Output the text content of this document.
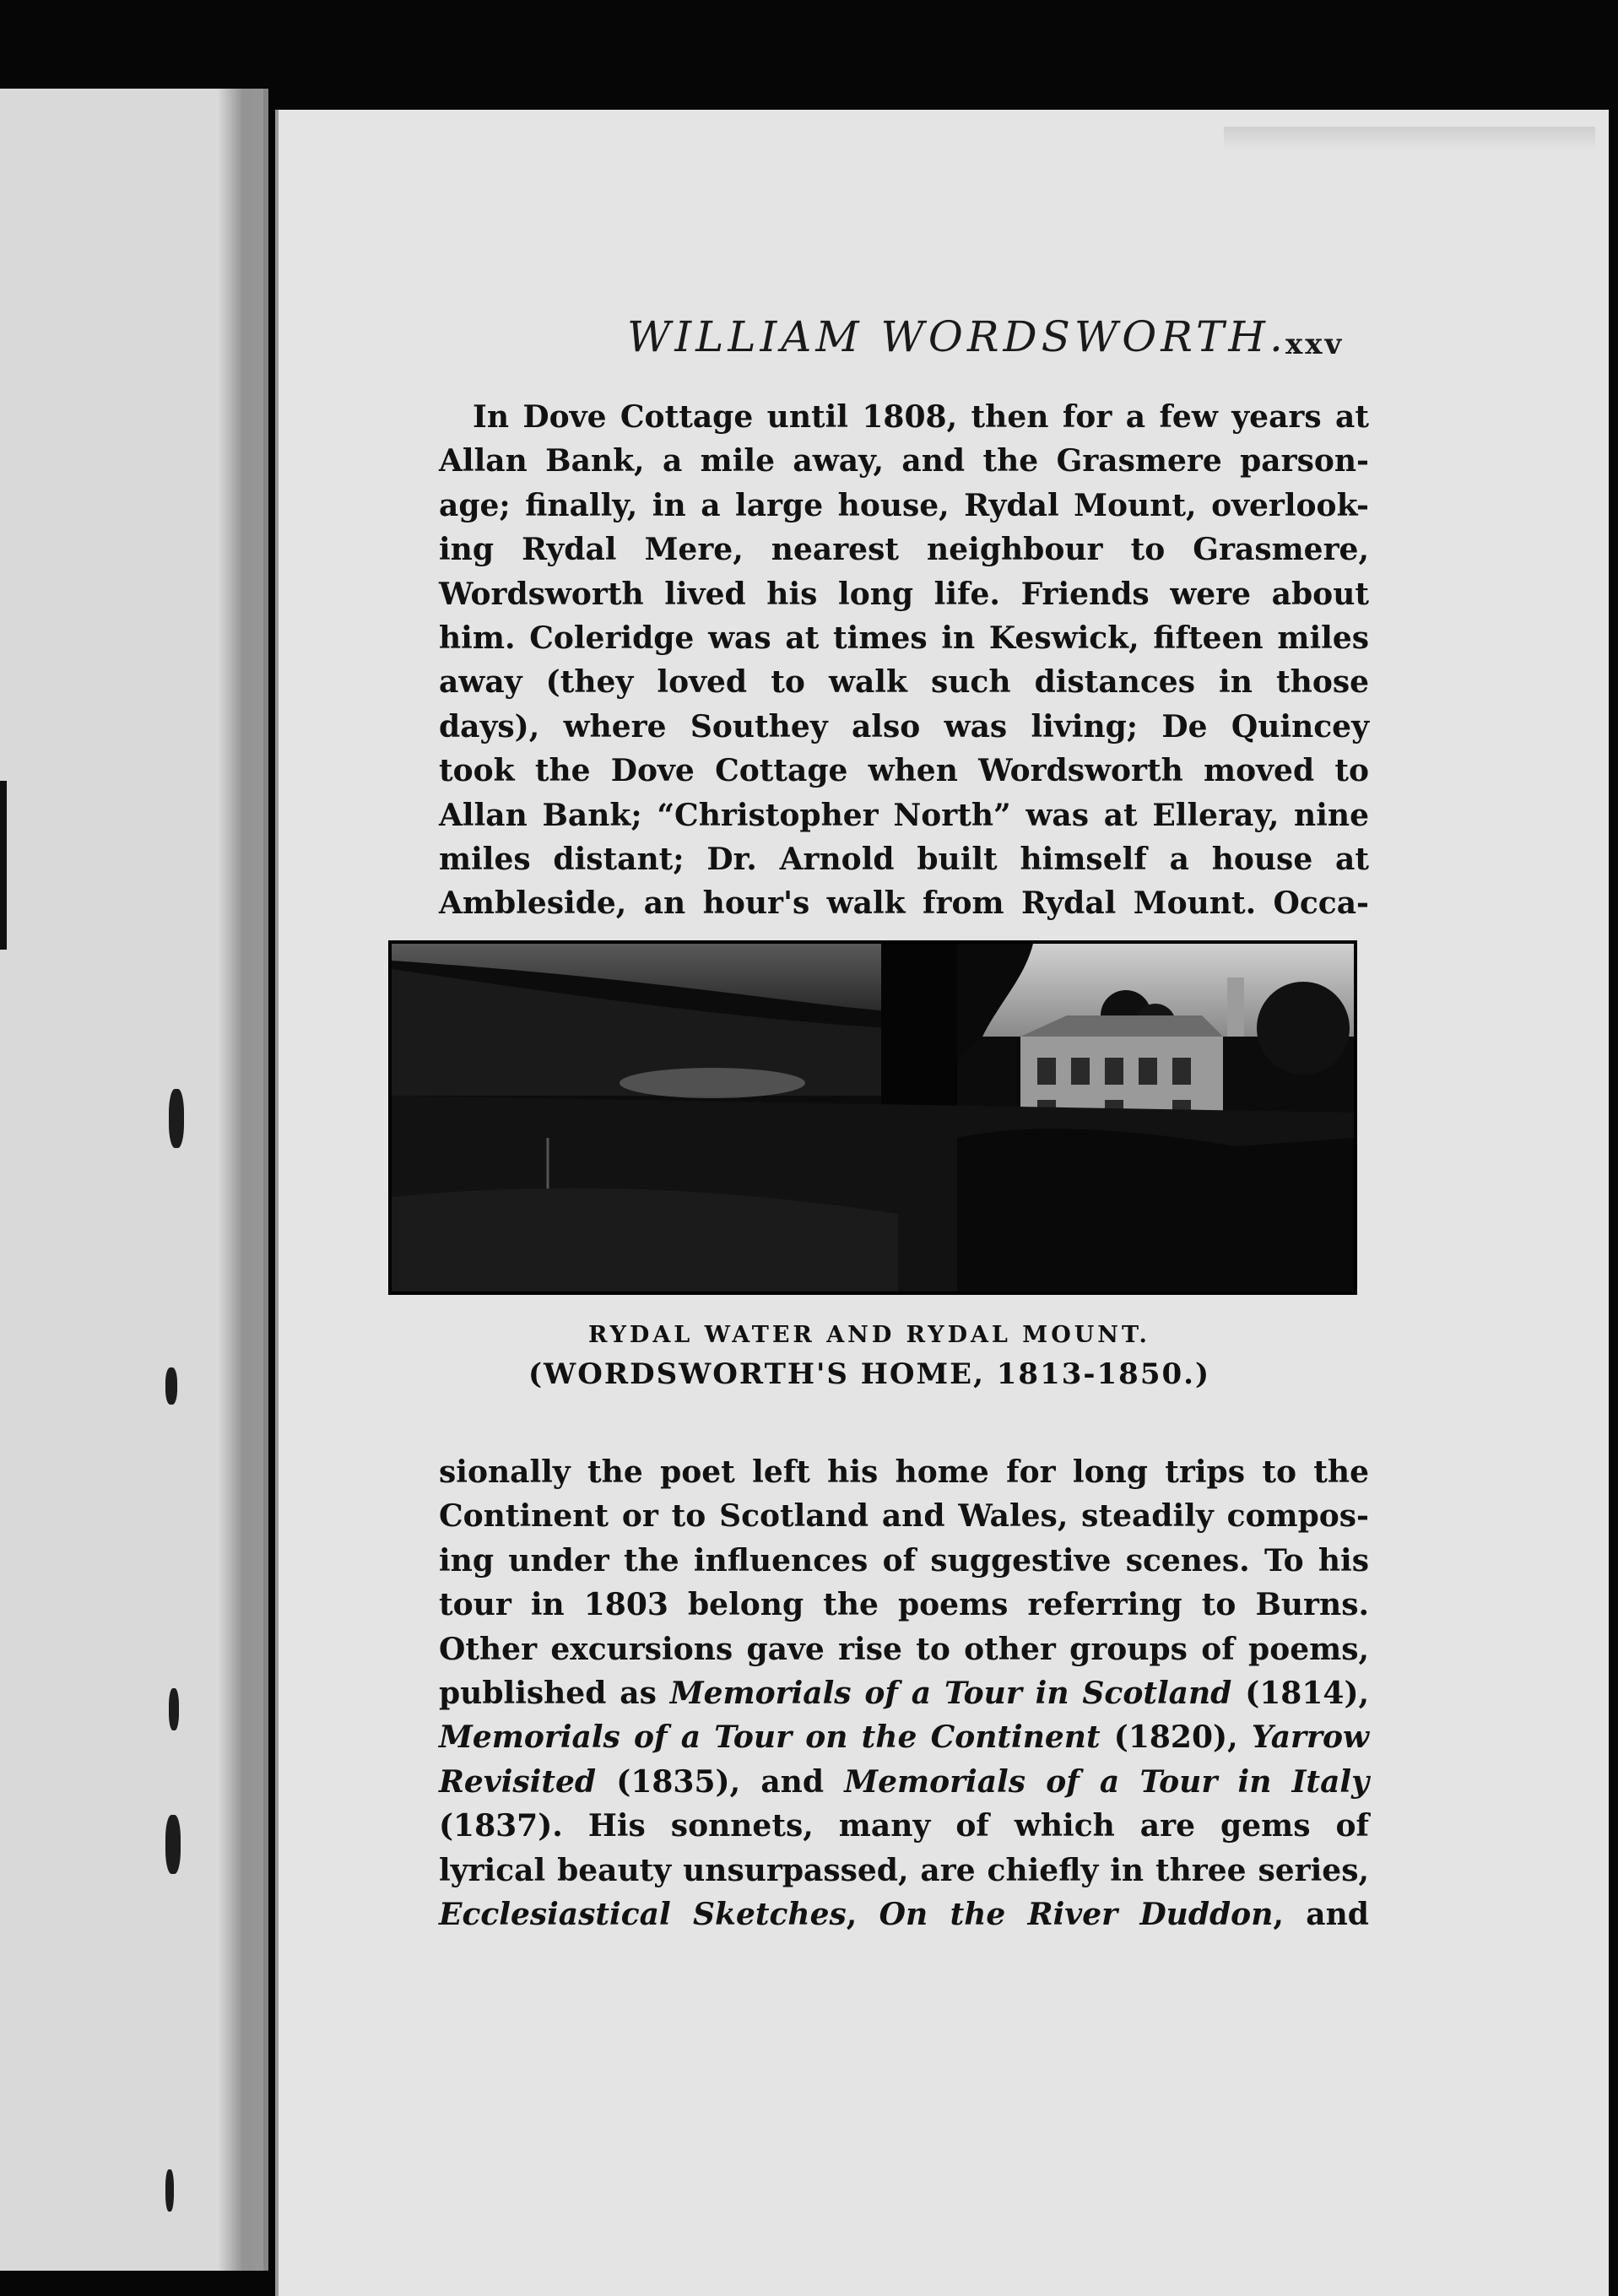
WILLIAM WORDSWORTH.
xxv
In Dove Cottage until 1808, then for a few years at
Allan Bank, a mile away, and the Grasmere parson-
age; finally, in a large house, Rydal Mount, overlook-
ing Rydal Mere, nearest neighbour to Grasmere,
Wordsworth lived his long life. Friends were about
him. Coleridge was at times in Keswick, fifteen miles
away (they loved to walk such distances in those
days), where Southey also was living; De Quincey
took the Dove Cottage when Wordsworth moved to
Allan Bank; “Christopher North” was at Elleray, nine
miles distant; Dr. Arnold built himself a house at
Ambleside, an hour's walk from Rydal Mount. Occa-
RYDAL WATER AND RYDAL MOUNT.
(WORDSWORTH'S HOME, 1813-1850.)
sionally the poet left his home for long trips to the
Continent or to Scotland and Wales, steadily compos-
ing under the influences of suggestive scenes. To his
tour in 1803 belong the poems referring to Burns.
Other excursions gave rise to other groups of poems,
published as Memorials of a Tour in Scotland (1814),
Memorials of a Tour on the Continent (1820), Yarrow
Revisited (1835), and Memorials of a Tour in Italy
(1837). His sonnets, many of which are gems of
lyrical beauty unsurpassed, are chiefly in three series,
Ecclesiastical Sketches, On the River Duddon, and
